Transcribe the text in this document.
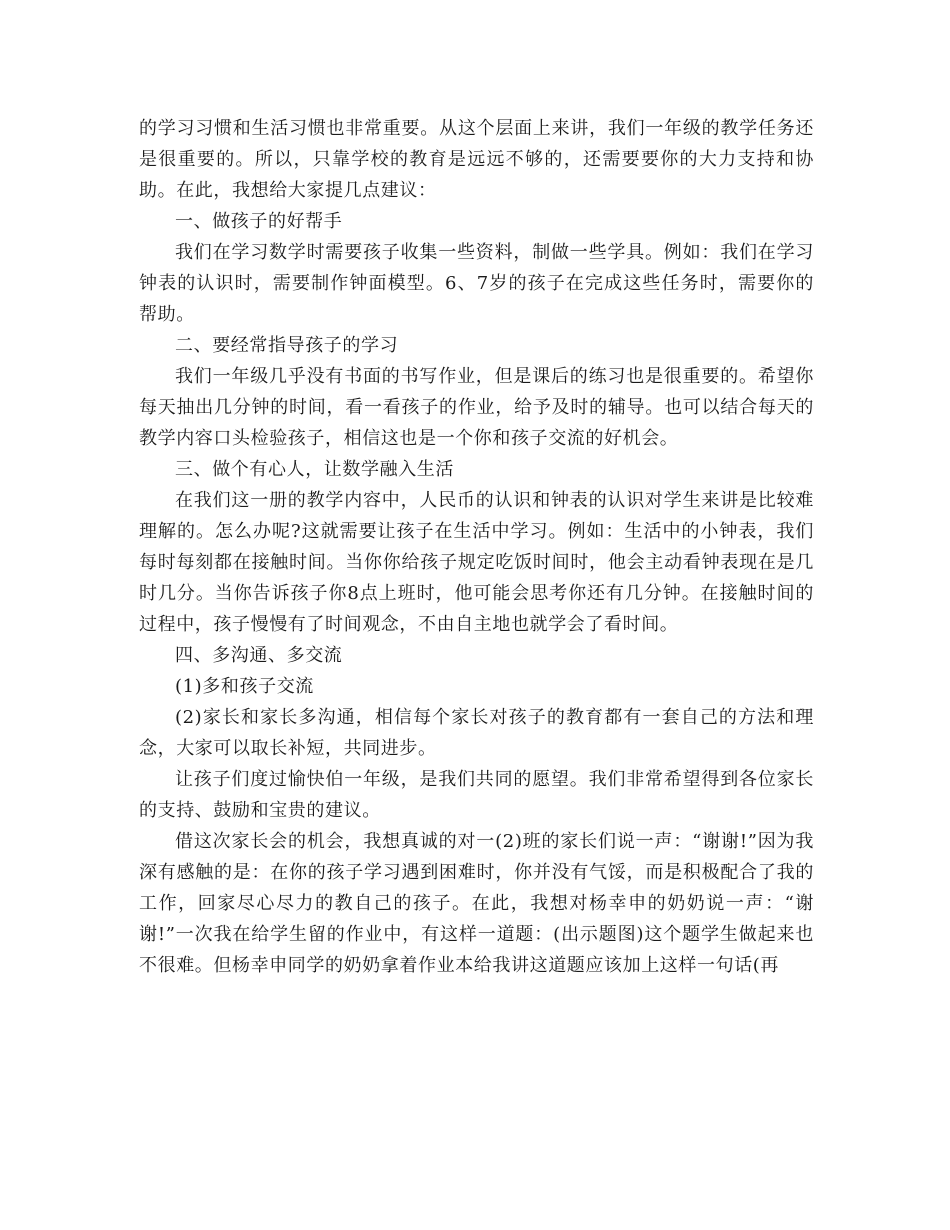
的学习习惯和生活习惯也非常重要。从这个层面上来讲，我们一年级的教学任务还是很重要的。所以，只靠学校的教育是远远不够的，还需要要你的大力支持和协助。在此，我想给大家提几点建议：

一、做孩子的好帮手

我们在学习数学时需要孩子收集一些资料，制做一些学具。例如：我们在学习钟表的认识时，需要制作钟面模型。6、7岁的孩子在完成这些任务时，需要你的帮助。

二、要经常指导孩子的学习

我们一年级几乎没有书面的书写作业，但是课后的练习也是很重要的。希望你每天抽出几分钟的时间，看一看孩子的作业，给予及时的辅导。也可以结合每天的教学内容口头检验孩子，相信这也是一个你和孩子交流的好机会。

三、做个有心人，让数学融入生活

在我们这一册的教学内容中，人民币的认识和钟表的认识对学生来讲是比较难理解的。怎么办呢?这就需要让孩子在生活中学习。例如：生活中的小钟表，我们每时每刻都在接触时间。当你你给孩子规定吃饭时间时，他会主动看钟表现在是几时几分。当你告诉孩子你8点上班时，他可能会思考你还有几分钟。在接触时间的过程中，孩子慢慢有了时间观念，不由自主地也就学会了看时间。

四、多沟通、多交流

(1)多和孩子交流

(2)家长和家长多沟通，相信每个家长对孩子的教育都有一套自己的方法和理念，大家可以取长补短，共同进步。

让孩子们度过愉快伯一年级，是我们共同的愿望。我们非常希望得到各位家长的支持、鼓励和宝贵的建议。

借这次家长会的机会，我想真诚的对一(2)班的家长们说一声：“谢谢!”因为我深有感触的是：在你的孩子学习遇到困难时，你并没有气馁，而是积极配合了我的工作，回家尽心尽力的教自己的孩子。在此，我想对杨幸申的奶奶说一声：“谢谢!”一次我在给学生留的作业中，有这样一道题：(出示题图)这个题学生做起来也不很难。但杨幸申同学的奶奶拿着作业本给我讲这道题应该加上这样一句话(再
